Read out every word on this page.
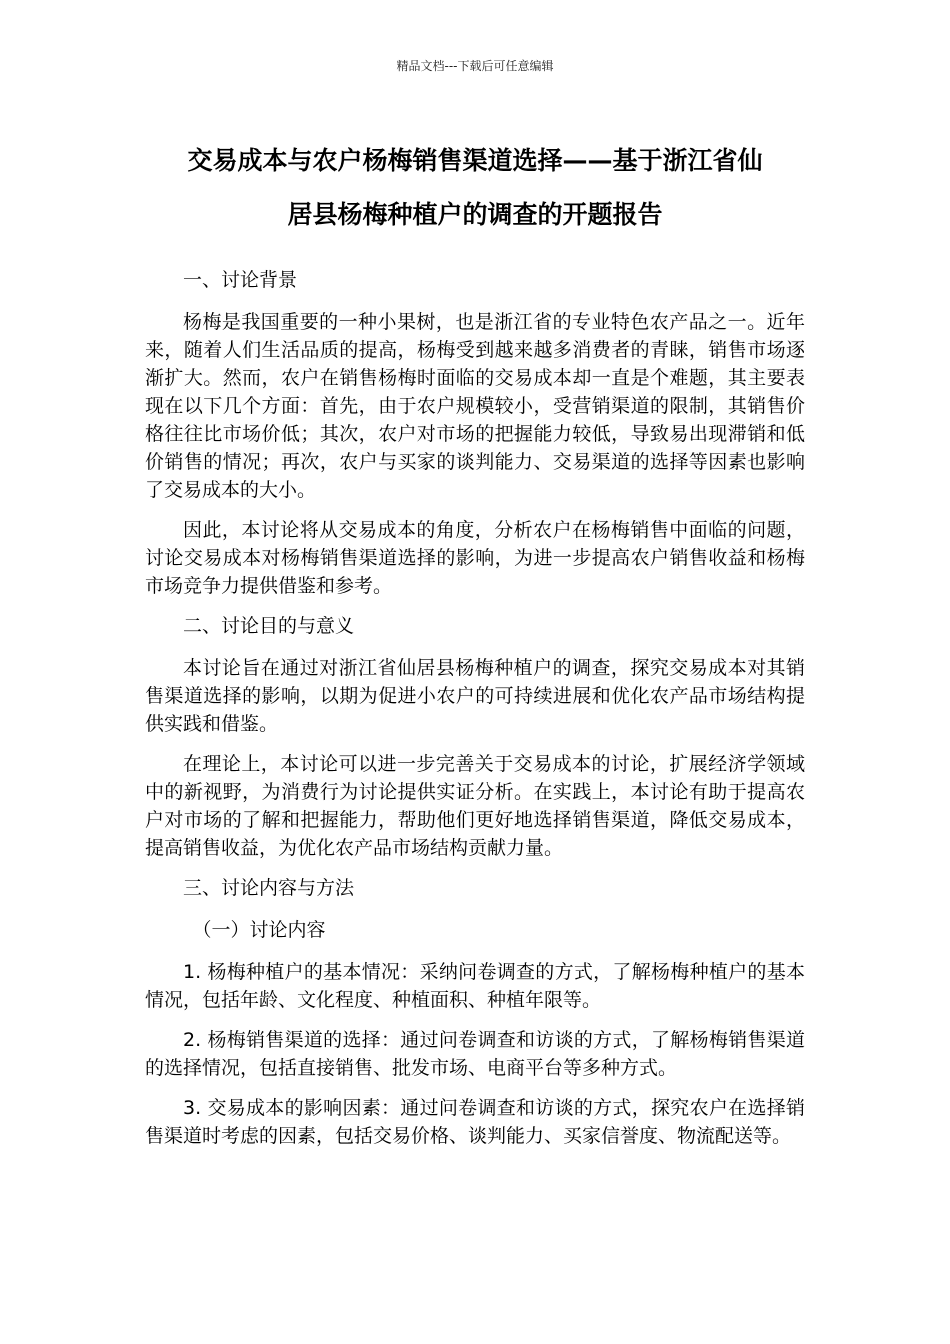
精品文档---下载后可任意编辑
交易成本与农户杨梅销售渠道选择——基于浙江省仙
居县杨梅种植户的调查的开题报告

一、讨论背景

杨梅是我国重要的一种小果树，也是浙江省的专业特色农产品之一。近年来，随着人们生活品质的提高，杨梅受到越来越多消费者的青睐，销售市场逐渐扩大。然而，农户在销售杨梅时面临的交易成本却一直是个难题，其主要表现在以下几个方面：首先，由于农户规模较小，受营销渠道的限制，其销售价格往往比市场价低；其次，农户对市场的把握能力较低，导致易出现滞销和低价销售的情况；再次，农户与买家的谈判能力、交易渠道的选择等因素也影响了交易成本的大小。

因此，本讨论将从交易成本的角度，分析农户在杨梅销售中面临的问题，讨论交易成本对杨梅销售渠道选择的影响，为进一步提高农户销售收益和杨梅市场竞争力提供借鉴和参考。

二、讨论目的与意义

本讨论旨在通过对浙江省仙居县杨梅种植户的调查，探究交易成本对其销售渠道选择的影响，以期为促进小农户的可持续进展和优化农产品市场结构提供实践和借鉴。

在理论上，本讨论可以进一步完善关于交易成本的讨论，扩展经济学领域中的新视野，为消费行为讨论提供实证分析。在实践上，本讨论有助于提高农户对市场的了解和把握能力，帮助他们更好地选择销售渠道，降低交易成本，提高销售收益，为优化农产品市场结构贡献力量。

三、讨论内容与方法

（一）讨论内容

1. 杨梅种植户的基本情况：采纳问卷调查的方式，了解杨梅种植户的基本情况，包括年龄、文化程度、种植面积、种植年限等。

2. 杨梅销售渠道的选择：通过问卷调查和访谈的方式，了解杨梅销售渠道的选择情况，包括直接销售、批发市场、电商平台等多种方式。

3. 交易成本的影响因素：通过问卷调查和访谈的方式，探究农户在选择销售渠道时考虑的因素，包括交易价格、谈判能力、买家信誉度、物流配送等。
